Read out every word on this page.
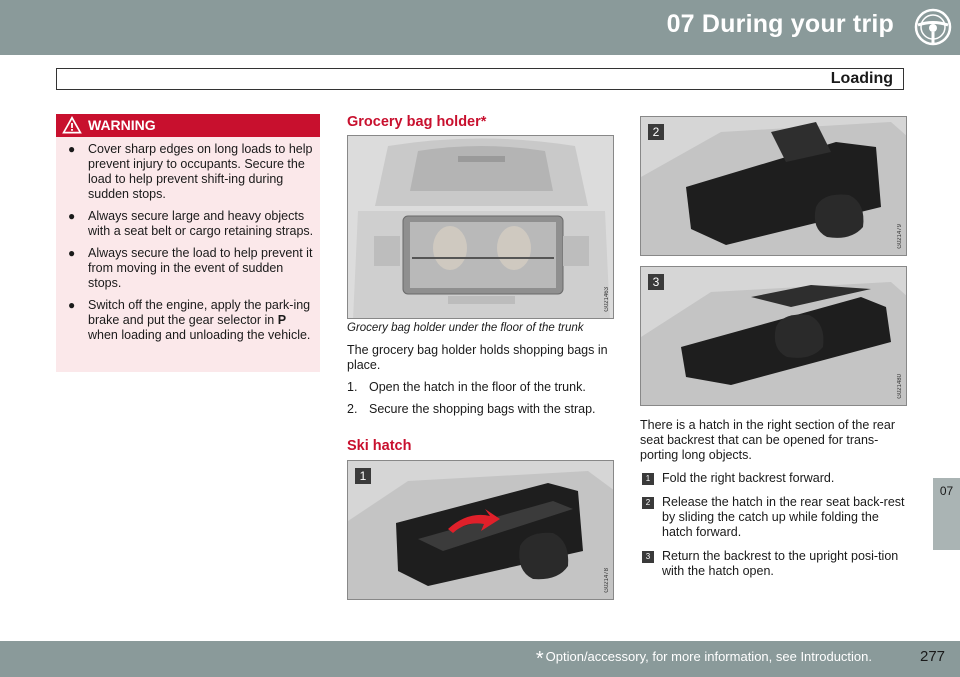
07 During your trip
Loading
WARNING
● Cover sharp edges on long loads to help prevent injury to occupants. Secure the load to help prevent shift-ing during sudden stops.
● Always secure large and heavy objects with a seat belt or cargo retaining straps.
● Always secure the load to help prevent it from moving in the event of sudden stops.
● Switch off the engine, apply the park-ing brake and put the gear selector in P when loading and unloading the vehicle.
Grocery bag holder*
G021463
Grocery bag holder under the floor of the trunk
The grocery bag holder holds shopping bags in place.
1. Open the hatch in the floor of the trunk.
2. Secure the shopping bags with the strap.
Ski hatch
1
G021478
2
G021479
3
G021480
There is a hatch in the right section of the rear seat backrest that can be opened for trans-porting long objects.
1 Fold the right backrest forward.
2 Release the hatch in the rear seat back-rest by sliding the catch up while folding the hatch forward.
3 Return the backrest to the upright posi-tion with the hatch open.
07
* Option/accessory, for more information, see Introduction.	277
